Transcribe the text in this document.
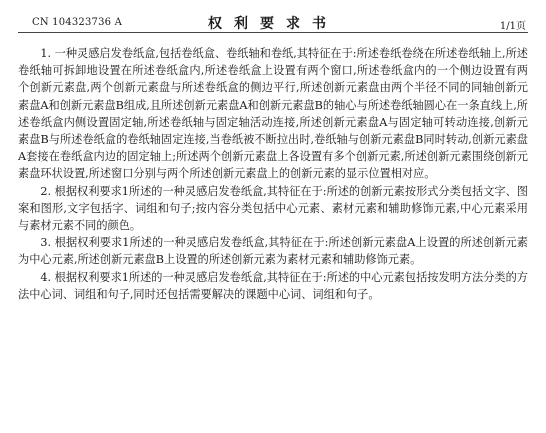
CN 104323736 A	权利要求书	1/1页

1. 一种灵感启发卷纸盒,包括卷纸盒、卷纸轴和卷纸,其特征在于:所述卷纸卷绕在所述卷纸轴上,所述卷纸轴可拆卸地设置在所述卷纸盒内,所述卷纸盒上设置有两个窗口,所述卷纸盒内的一个侧边设置有两个创新元素盘,两个创新元素盘与所述卷纸盒的侧边平行,所述创新元素盘由两个半径不同的同轴创新元素盘A和创新元素盘B组成,且所述创新元素盘A和创新元素盘B的轴心与所述卷纸轴圆心在一条直线上,所述卷纸盒内侧设置固定轴,所述卷纸轴与固定轴活动连接,所述创新元素盘A与固定轴可转动连接,创新元素盘B与所述卷纸盒的卷纸轴固定连接,当卷纸被不断拉出时,卷纸轴与创新元素盘B同时转动,创新元素盘A套接在卷纸盒内边的固定轴上;所述两个创新元素盘上各设置有多个创新元素,所述创新元素围绕创新元素盘环状设置,所述窗口分别与两个所述创新元素盘上的创新元素的显示位置相对应。

2. 根据权利要求1所述的一种灵感启发卷纸盒,其特征在于:所述的创新元素按形式分类包括文字、图案和图形,文字包括字、词组和句子;按内容分类包括中心元素、素材元素和辅助修饰元素,中心元素采用与素材元素不同的颜色。

3. 根据权利要求1所述的一种灵感启发卷纸盒,其特征在于:所述创新元素盘A上设置的所述创新元素为中心元素,所述创新元素盘B上设置的所述创新元素为素材元素和辅助修饰元素。

4. 根据权利要求1所述的一种灵感启发卷纸盒,其特征在于:所述的中心元素包括按发明方法分类的方法中心词、词组和句子,同时还包括需要解决的课题中心词、词组和句子。
